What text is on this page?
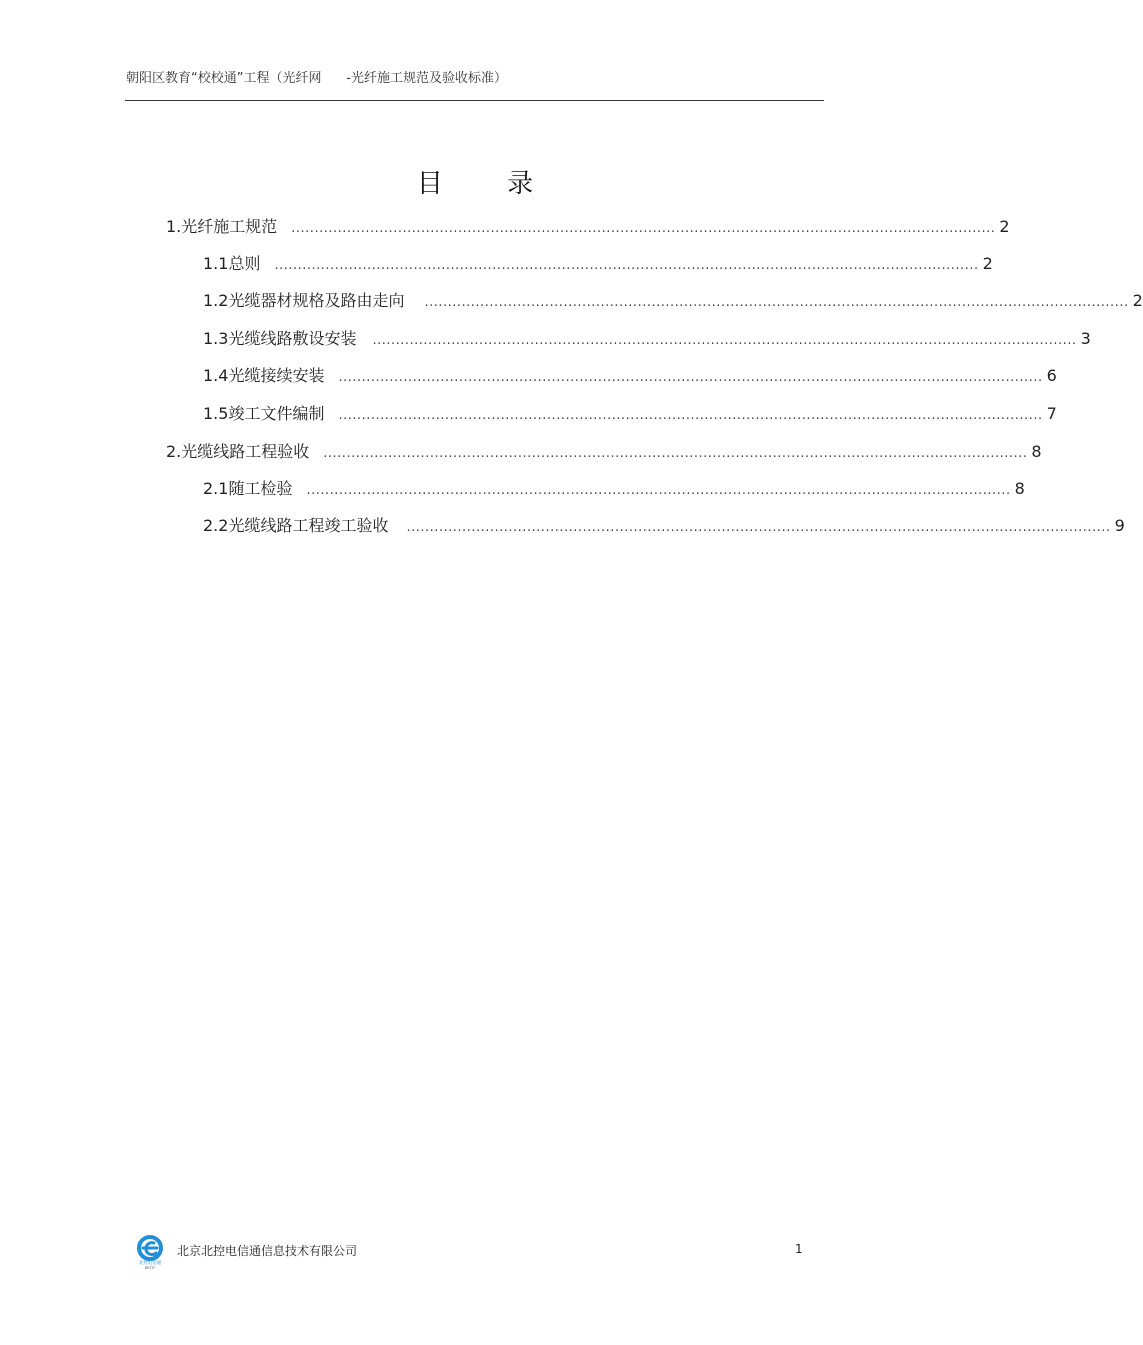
朝阳区教育“校校通”工程（光纤网      -光纤施工规范及验收标准）
目 录
1. 光纤施工规范 ........................................................................................................................................................ 2
1.1 总则 ........................................................................................................................................................ 2
1.2 光缆器材规格及路由走向 ........................................................................................................................................................ 2
1.3 光缆线路敷设安装 ........................................................................................................................................................ 3
1.4 光缆接续安装 ........................................................................................................................................................ 6
1.5 竣工文件编制 ........................................................................................................................................................ 7
2. 光缆线路工程验收 ........................................................................................................................................................ 8
2.1 随工检验 ........................................................................................................................................................ 8
2.2 光缆线路工程竣工验收 ........................................................................................................................................................ 9
北控电信通
BETIT
北京北控电信通信息技术有限公司	1
